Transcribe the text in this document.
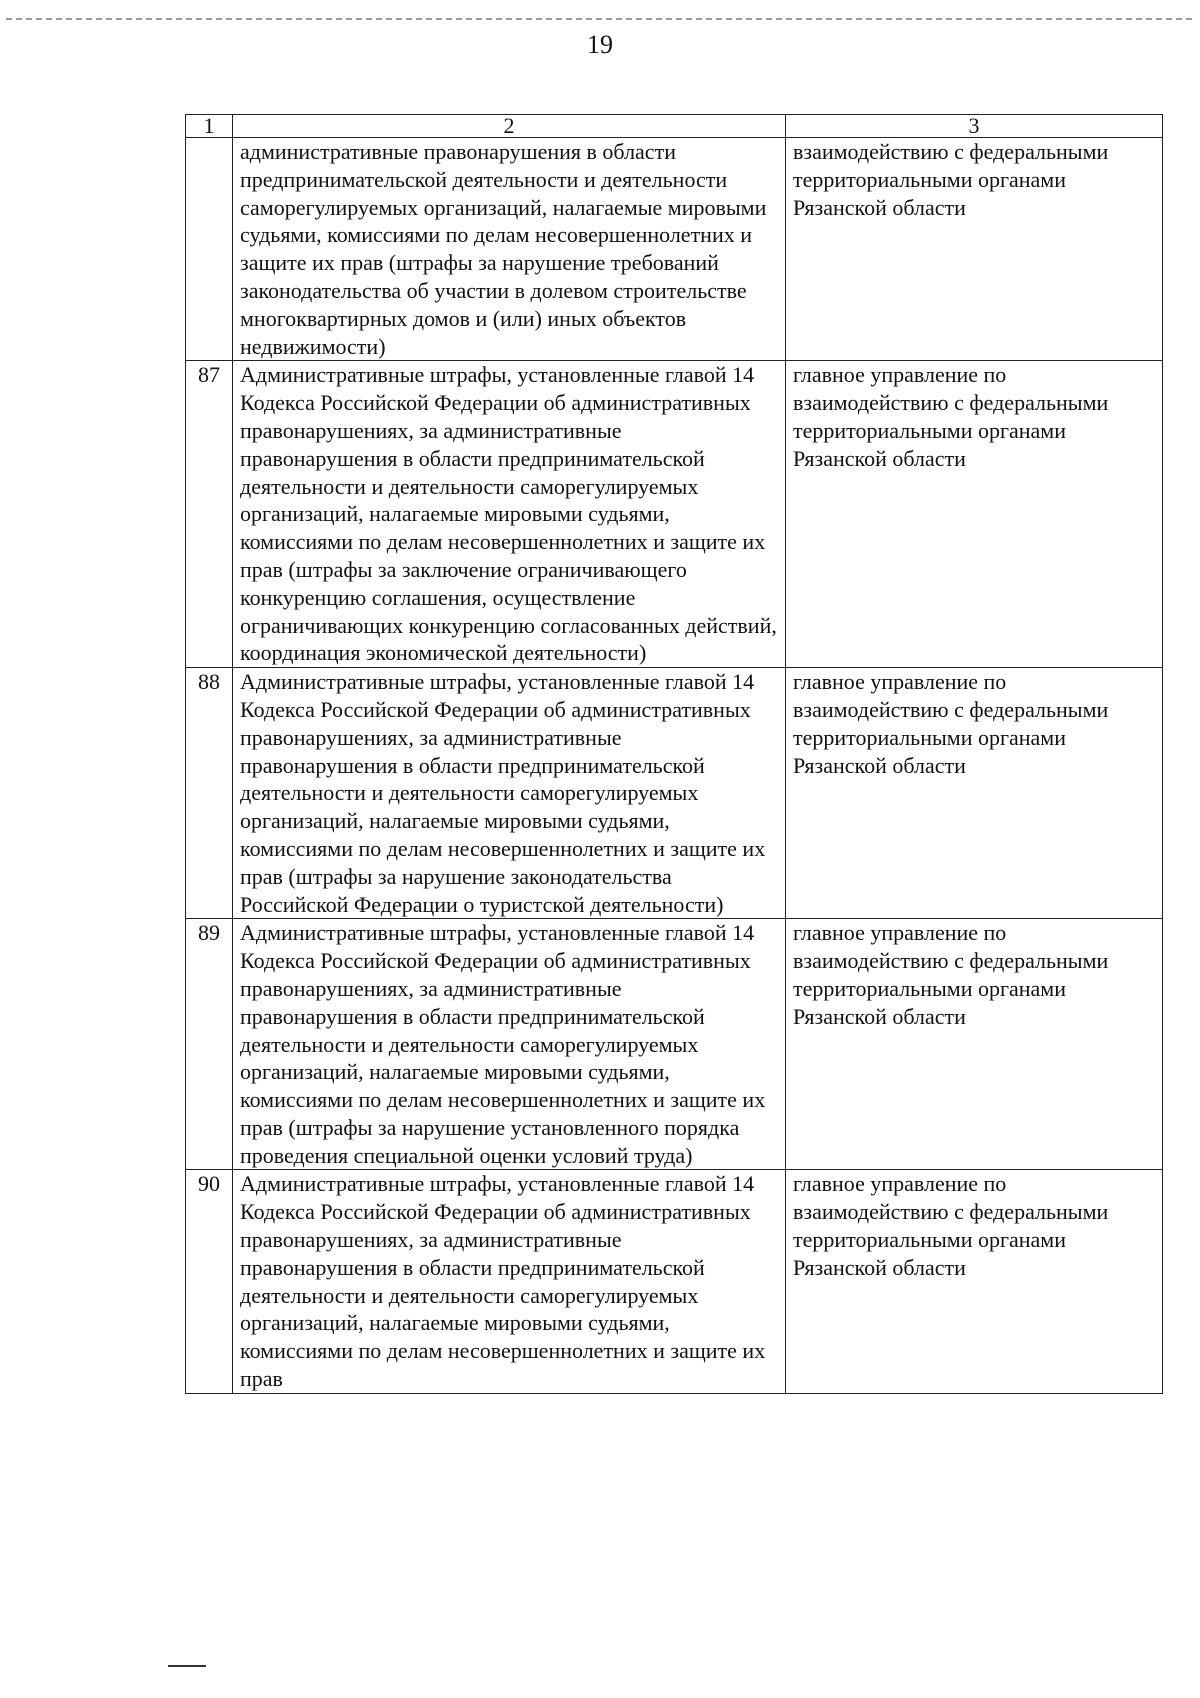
19
1	2	3
	административные правонарушения в области предпринимательской деятельности и деятельности саморегулируемых организаций, налагаемые мировыми судьями, комиссиями по делам несовершеннолетних и защите их прав (штрафы за нарушение требований законодательства об участии в долевом строительстве многоквартирных домов и (или) иных объектов недвижимости)	взаимодействию с федеральными территориальными органами Рязанской области
87	Административные штрафы, установленные главой 14 Кодекса Российской Федерации об административных правонарушениях, за административные правонарушения в области предпринимательской деятельности и деятельности саморегулируемых организаций, налагаемые мировыми судьями, комиссиями по делам несовершеннолетних и защите их прав (штрафы за заключение ограничивающего конкуренцию соглашения, осуществление ограничивающих конкуренцию согласованных действий, координация экономической деятельности)	главное управление по взаимодействию с федеральными территориальными органами Рязанской области
88	Административные штрафы, установленные главой 14 Кодекса Российской Федерации об административных правонарушениях, за административные правонарушения в области предпринимательской деятельности и деятельности саморегулируемых организаций, налагаемые мировыми судьями, комиссиями по делам несовершеннолетних и защите их прав (штрафы за нарушение законодательства Российской Федерации о туристской деятельности)	главное управление по взаимодействию с федеральными территориальными органами Рязанской области
89	Административные штрафы, установленные главой 14 Кодекса Российской Федерации об административных правонарушениях, за административные правонарушения в области предпринимательской деятельности и деятельности саморегулируемых организаций, налагаемые мировыми судьями, комиссиями по делам несовершеннолетних и защите их прав (штрафы за нарушение установленного порядка проведения специальной оценки условий труда)	главное управление по взаимодействию с федеральными территориальными органами Рязанской области
90	Административные штрафы, установленные главой 14 Кодекса Российской Федерации об административных правонарушениях, за административные правонарушения в области предпринимательской деятельности и деятельности саморегулируемых организаций, налагаемые мировыми судьями, комиссиями по делам несовершеннолетних и защите их прав	главное управление по взаимодействию с федеральными территориальными органами Рязанской области
